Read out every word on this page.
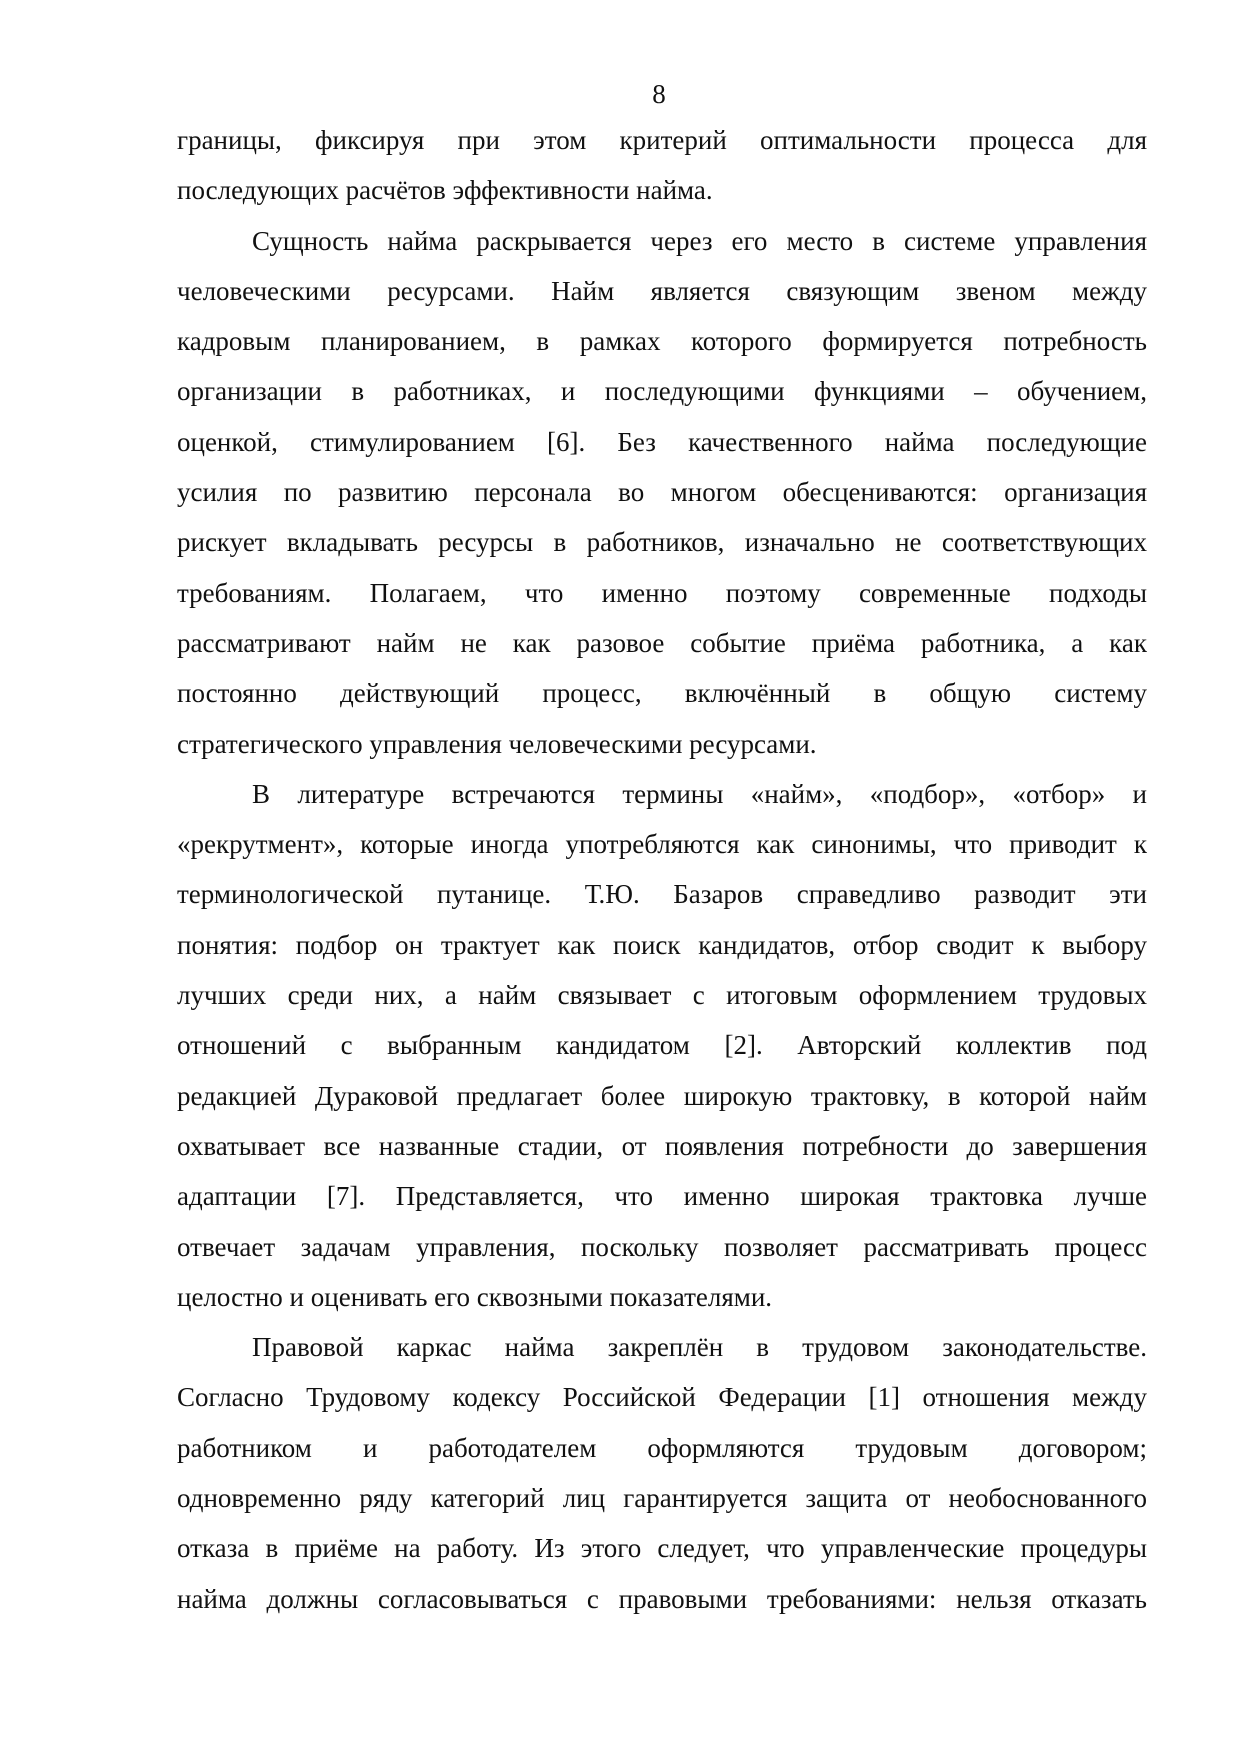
8
границы, фиксируя при этом критерий оптимальности процесса для
последующих расчётов эффективности найма.
Сущность найма раскрывается через его место в системе управления
человеческими ресурсами. Найм является связующим звеном между
кадровым планированием, в рамках которого формируется потребность
организации в работниках, и последующими функциями – обучением,
оценкой, стимулированием [6]. Без качественного найма последующие
усилия по развитию персонала во многом обесцениваются: организация
рискует вкладывать ресурсы в работников, изначально не соответствующих
требованиям. Полагаем, что именно поэтому современные подходы
рассматривают найм не как разовое событие приёма работника, а как
постоянно действующий процесс, включённый в общую систему
стратегического управления человеческими ресурсами.
В литературе встречаются термины «найм», «подбор», «отбор» и
«рекрутмент», которые иногда употребляются как синонимы, что приводит к
терминологической путанице. Т.Ю. Базаров справедливо разводит эти
понятия: подбор он трактует как поиск кандидатов, отбор сводит к выбору
лучших среди них, а найм связывает с итоговым оформлением трудовых
отношений с выбранным кандидатом [2]. Авторский коллектив под
редакцией Дураковой предлагает более широкую трактовку, в которой найм
охватывает все названные стадии, от появления потребности до завершения
адаптации [7]. Представляется, что именно широкая трактовка лучше
отвечает задачам управления, поскольку позволяет рассматривать процесс
целостно и оценивать его сквозными показателями.
Правовой каркас найма закреплён в трудовом законодательстве.
Согласно Трудовому кодексу Российской Федерации [1] отношения между
работником и работодателем оформляются трудовым договором;
одновременно ряду категорий лиц гарантируется защита от необоснованного
отказа в приёме на работу. Из этого следует, что управленческие процедуры
найма должны согласовываться с правовыми требованиями: нельзя отказать
